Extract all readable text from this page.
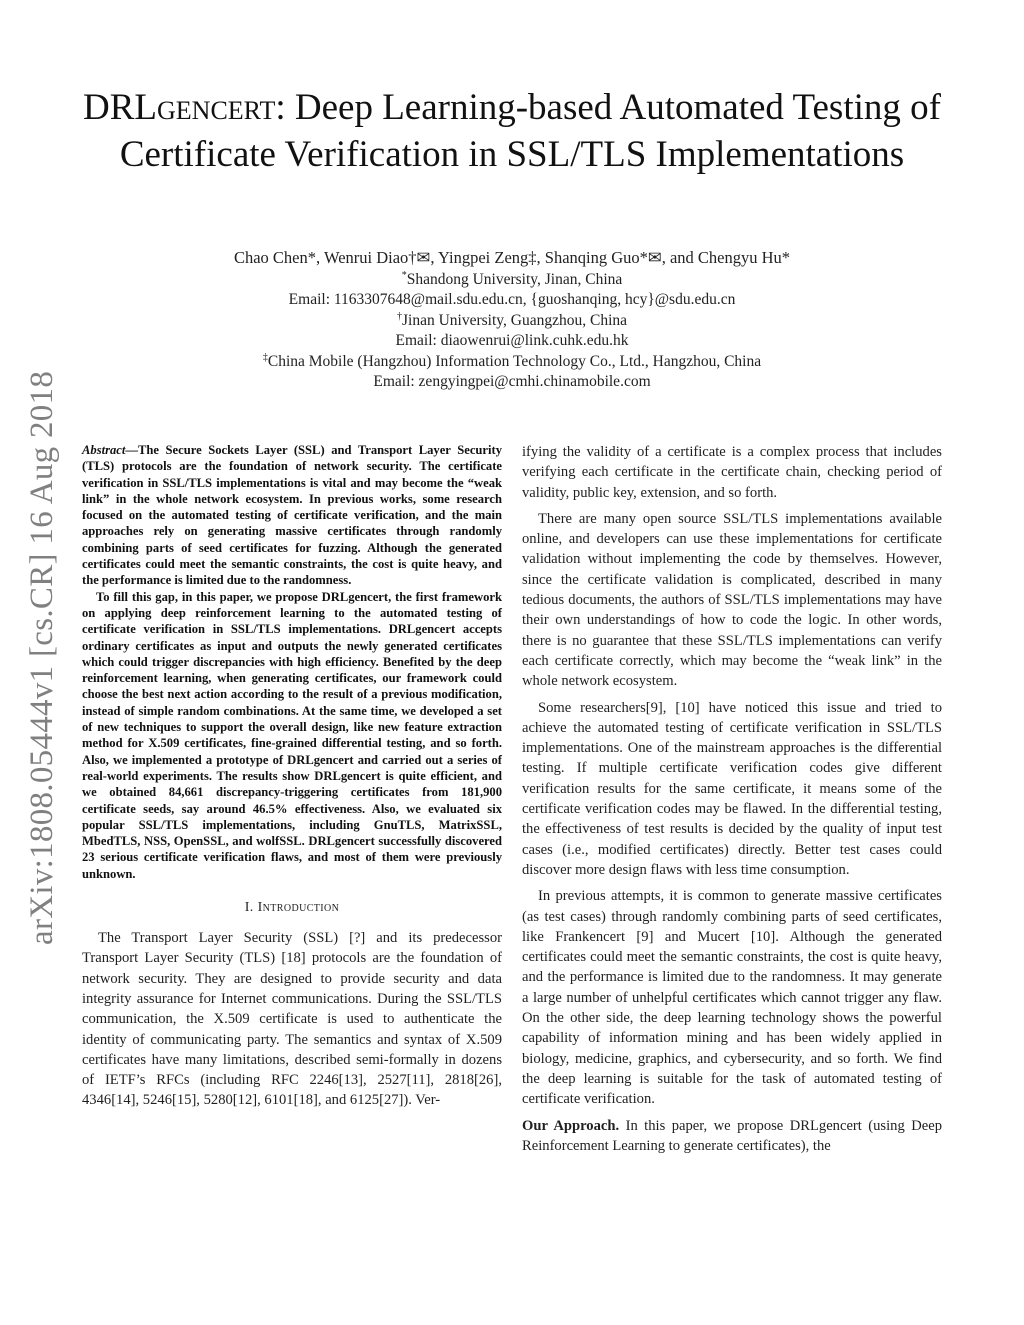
arXiv:1808.05444v1 [cs.CR] 16 Aug 2018
DRLgencert: Deep Learning-based Automated Testing of Certificate Verification in SSL/TLS Implementations
Chao Chen*, Wenrui Diao†✉, Yingpei Zeng‡, Shanqing Guo*✉, and Chengyu Hu*
*Shandong University, Jinan, China
Email: 1163307648@mail.sdu.edu.cn, {guoshanqing, hcy}@sdu.edu.cn
†Jinan University, Guangzhou, China
Email: diaowenrui@link.cuhk.edu.hk
‡China Mobile (Hangzhou) Information Technology Co., Ltd., Hangzhou, China
Email: zengyingpei@cmhi.chinamobile.com

Abstract—The Secure Sockets Layer (SSL) and Transport Layer Security (TLS) protocols are the foundation of network security. The certificate verification in SSL/TLS implementations is vital and may become the “weak link” in the whole network ecosystem. In previous works, some research focused on the automated testing of certificate verification, and the main approaches rely on generating massive certificates through randomly combining parts of seed certificates for fuzzing. Although the generated certificates could meet the semantic constraints, the cost is quite heavy, and the performance is limited due to the randomness.

To fill this gap, in this paper, we propose DRLgencert, the first framework on applying deep reinforcement learning to the automated testing of certificate verification in SSL/TLS implementations. DRLgencert accepts ordinary certificates as input and outputs the newly generated certificates which could trigger discrepancies with high efficiency. Benefited by the deep reinforcement learning, when generating certificates, our framework could choose the best next action according to the result of a previous modification, instead of simple random combinations. At the same time, we developed a set of new techniques to support the overall design, like new feature extraction method for X.509 certificates, fine-grained differential testing, and so forth. Also, we implemented a prototype of DRLgencert and carried out a series of real-world experiments. The results show DRLgencert is quite efficient, and we obtained 84,661 discrepancy-triggering certificates from 181,900 certificate seeds, say around 46.5% effectiveness. Also, we evaluated six popular SSL/TLS implementations, including GnuTLS, MatrixSSL, MbedTLS, NSS, OpenSSL, and wolfSSL. DRLgencert successfully discovered 23 serious certificate verification flaws, and most of them were previously unknown.

I. Introduction

The Transport Layer Security (SSL) [?] and its predecessor Transport Layer Security (TLS) [18] protocols are the foundation of network security. They are designed to provide security and data integrity assurance for Internet communications. During the SSL/TLS communication, the X.509 certificate is used to authenticate the identity of communicating party. The semantics and syntax of X.509 certificates have many limitations, described semi-formally in dozens of IETF’s RFCs (including RFC 2246[13], 2527[11], 2818[26], 4346[14], 5246[15], 5280[12], 6101[18], and 6125[27]). Ver-

ifying the validity of a certificate is a complex process that includes verifying each certificate in the certificate chain, checking period of validity, public key, extension, and so forth.

There are many open source SSL/TLS implementations available online, and developers can use these implementations for certificate validation without implementing the code by themselves. However, since the certificate validation is complicated, described in many tedious documents, the authors of SSL/TLS implementations may have their own understandings of how to code the logic. In other words, there is no guarantee that these SSL/TLS implementations can verify each certificate correctly, which may become the “weak link” in the whole network ecosystem.

Some researchers[9], [10] have noticed this issue and tried to achieve the automated testing of certificate verification in SSL/TLS implementations. One of the mainstream approaches is the differential testing. If multiple certificate verification codes give different verification results for the same certificate, it means some of the certificate verification codes may be flawed. In the differential testing, the effectiveness of test results is decided by the quality of input test cases (i.e., modified certificates) directly. Better test cases could discover more design flaws with less time consumption.

In previous attempts, it is common to generate massive certificates (as test cases) through randomly combining parts of seed certificates, like Frankencert [9] and Mucert [10]. Although the generated certificates could meet the semantic constraints, the cost is quite heavy, and the performance is limited due to the randomness. It may generate a large number of unhelpful certificates which cannot trigger any flaw. On the other side, the deep learning technology shows the powerful capability of information mining and has been widely applied in biology, medicine, graphics, and cybersecurity, and so forth. We find the deep learning is suitable for the task of automated testing of certificate verification.

Our Approach. In this paper, we propose DRLgencert (using Deep Reinforcement Learning to generate certificates), the
